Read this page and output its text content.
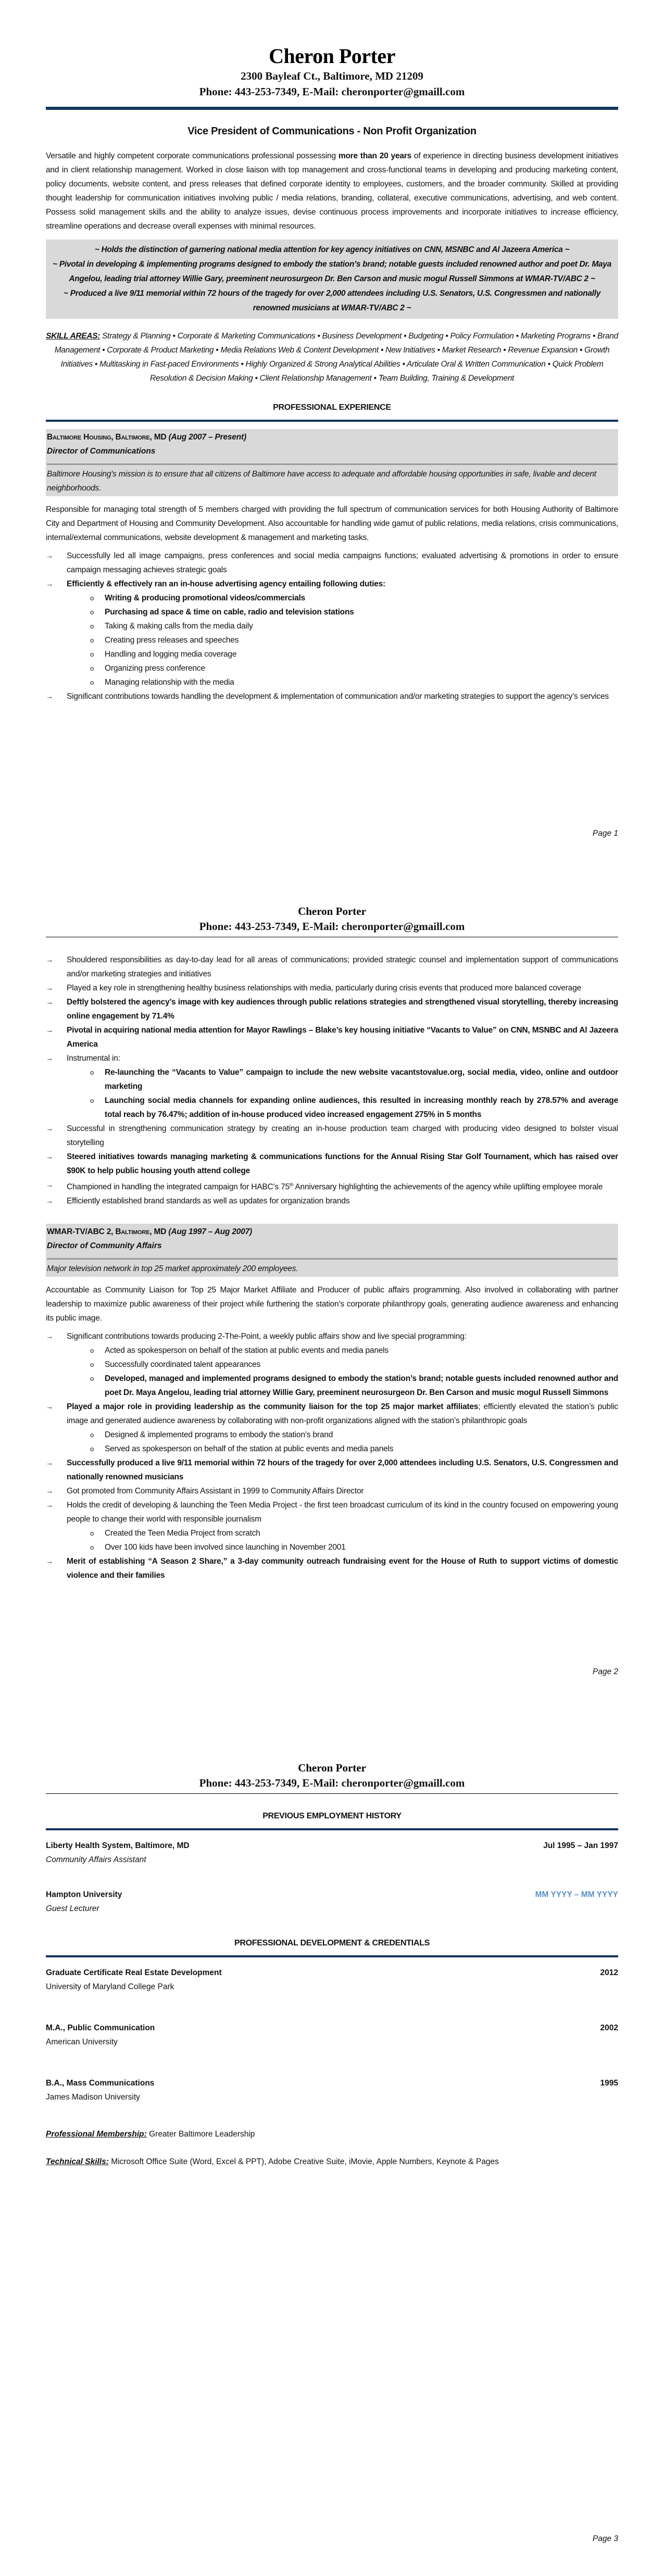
Cheron Porter
2300 Bayleaf Ct., Baltimore, MD 21209
Phone: 443-253-7349, E-Mail: cheronporter@gmaill.com
Vice President of Communications - Non Profit Organization

Versatile and highly competent corporate communications professional possessing more than 20 years of experience in directing business development initiatives and in client relationship management. Worked in close liaison with top management and cross-functional teams in developing and producing marketing content, policy documents, website content, and press releases that defined corporate identity to employees, customers, and the broader community. Skilled at providing thought leadership for communication initiatives involving public / media relations, branding, collateral, executive communications, advertising, and web content. Possess solid management skills and the ability to analyze issues, devise continuous process improvements and incorporate initiatives to increase efficiency, streamline operations and decrease overall expenses with minimal resources.

~ Holds the distinction of garnering national media attention for key agency initiatives on CNN, MSNBC and Al Jazeera America ~
~ Pivotal in developing & implementing programs designed to embody the station’s brand; notable guests included renowned author and poet Dr. Maya Angelou, leading trial attorney Willie Gary, preeminent neurosurgeon Dr. Ben Carson and music mogul Russell Simmons at WMAR-TV/ABC 2 ~
~ Produced a live 9/11 memorial within 72 hours of the tragedy for over 2,000 attendees including U.S. Senators, U.S. Congressmen and nationally renowned musicians at WMAR-TV/ABC 2 ~
SKILL AREAS: Strategy & Planning • Corporate & Marketing Communications • Business Development • Budgeting • Policy Formulation • Marketing Programs • Brand Management • Corporate & Product Marketing • Media Relations Web & Content Development • New Initiatives • Market Research • Revenue Expansion • Growth Initiatives • Multitasking in Fast-paced Environments • Highly Organized & Strong Analytical Abilities • Articulate Oral & Written Communication • Quick Problem Resolution & Decision Making • Client Relationship Management • Team Building, Training & Development
PROFESSIONAL EXPERIENCE
Baltimore Housing, Baltimore, MD (Aug 2007 – Present)
Director of Communications
Baltimore Housing's mission is to ensure that all citizens of Baltimore have access to adequate and affordable housing opportunities in safe, livable and decent neighborhoods.

Responsible for managing total strength of 5 members charged with providing the full spectrum of communication services for both Housing Authority of Baltimore City and Department of Housing and Community Development. Also accountable for handling wide gamut of public relations, media relations, crisis communications, internal/external communications, website development & management and marketing tasks.

→ Successfully led all image campaigns, press conferences and social media campaigns functions; evaluated advertising & promotions in order to ensure campaign messaging achieves strategic goals
→ Efficiently & effectively ran an in-house advertising agency entailing following duties:
o Writing & producing promotional videos/commercials
o Purchasing ad space & time on cable, radio and television stations
o Taking & making calls from the media daily
o Creating press releases and speeches
o Handling and logging media coverage
o Organizing press conference
o Managing relationship with the media
→ Significant contributions towards handling the development & implementation of communication and/or marketing strategies to support the agency’s services
Page 1
Cheron Porter
Phone: 443-253-7349, E-Mail: cheronporter@gmaill.com
→ Shouldered responsibilities as day-to-day lead for all areas of communications; provided strategic counsel and implementation support of communications and/or marketing strategies and initiatives
→ Played a key role in strengthening healthy business relationships with media, particularly during crisis events that produced more balanced coverage
→ Deftly bolstered the agency’s image with key audiences through public relations strategies and strengthened visual storytelling, thereby increasing online engagement by 71.4%
→ Pivotal in acquiring national media attention for Mayor Rawlings – Blake’s key housing initiative “Vacants to Value” on CNN, MSNBC and Al Jazeera America
→ Instrumental in:
o Re-launching the “Vacants to Value” campaign to include the new website vacantstovalue.org, social media, video, online and outdoor marketing
o Launching social media channels for expanding online audiences, this resulted in increasing monthly reach by 278.57% and average total reach by 76.47%; addition of in-house produced video increased engagement 275% in 5 months
→ Successful in strengthening communication strategy by creating an in-house production team charged with producing video designed to bolster visual storytelling
→ Steered initiatives towards managing marketing & communications functions for the Annual Rising Star Golf Tournament, which has raised over $90K to help public housing youth attend college
→ Championed in handling the integrated campaign for HABC’s 75th Anniversary highlighting the achievements of the agency while uplifting employee morale
→ Efficiently established brand standards as well as updates for organization brands
WMAR-TV/ABC 2, Baltimore, MD (Aug 1997 – Aug 2007)
Director of Community Affairs
Major television network in top 25 market approximately 200 employees.

Accountable as Community Liaison for Top 25 Major Market Affiliate and Producer of public affairs programming. Also involved in collaborating with partner leadership to maximize public awareness of their project while furthering the station’s corporate philanthropy goals, generating audience awareness and enhancing its public image.

→ Significant contributions towards producing 2-The-Point, a weekly public affairs show and live special programming:
o Acted as spokesperson on behalf of the station at public events and media panels
o Successfully coordinated talent appearances
o Developed, managed and implemented programs designed to embody the station’s brand; notable guests included renowned author and poet Dr. Maya Angelou, leading trial attorney Willie Gary, preeminent neurosurgeon Dr. Ben Carson and music mogul Russell Simmons
→ Played a major role in providing leadership as the community liaison for the top 25 major market affiliates; efficiently elevated the station’s public image and generated audience awareness by collaborating with non-profit organizations aligned with the station’s philanthropic goals
o Designed & implemented programs to embody the station’s brand
o Served as spokesperson on behalf of the station at public events and media panels
→ Successfully produced a live 9/11 memorial within 72 hours of the tragedy for over 2,000 attendees including U.S. Senators, U.S. Congressmen and nationally renowned musicians
→ Got promoted from Community Affairs Assistant in 1999 to Community Affairs Director
→ Holds the credit of developing & launching the Teen Media Project - the first teen broadcast curriculum of its kind in the country focused on empowering young people to change their world with responsible journalism
o Created the Teen Media Project from scratch
o Over 100 kids have been involved since launching in November 2001
→ Merit of establishing “A Season 2 Share,” a 3-day community outreach fundraising event for the House of Ruth to support victims of domestic violence and their families
Page 2
Cheron Porter
Phone: 443-253-7349, E-Mail: cheronporter@gmaill.com
PREVIOUS EMPLOYMENT HISTORY
Liberty Health System, Baltimore, MD	Jul 1995 – Jan 1997
Community Affairs Assistant
Hampton University	MM YYYY – MM YYYY
Guest Lecturer
PROFESSIONAL DEVELOPMENT & CREDENTIALS
Graduate Certificate Real Estate Development	2012
University of Maryland College Park
M.A., Public Communication	2002
American University
B.A., Mass Communications	1995
James Madison University
Professional Membership: Greater Baltimore Leadership
Technical Skills: Microsoft Office Suite (Word, Excel & PPT), Adobe Creative Suite, iMovie, Apple Numbers, Keynote & Pages
Page 3
